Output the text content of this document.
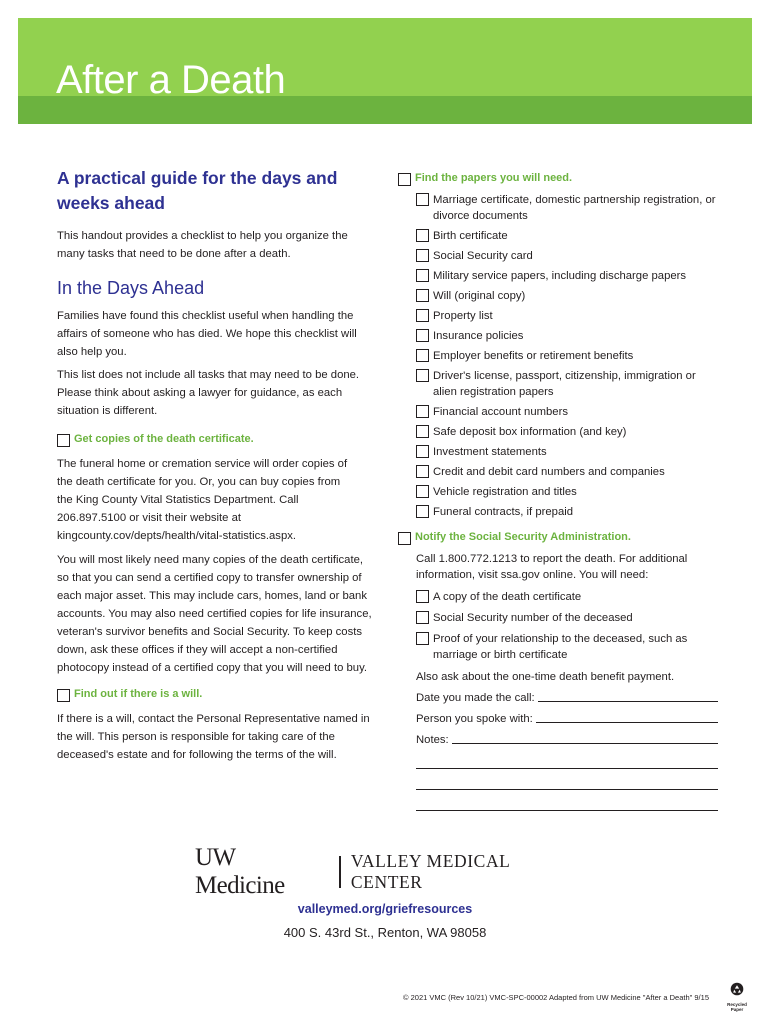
After a Death
A practical guide for the days and weeks ahead
This handout provides a checklist to help you organize the many tasks that need to be done after a death.
In the Days Ahead
Families have found this checklist useful when handling the affairs of someone who has died. We hope this checklist will also help you.
This list does not include all tasks that may need to be done. Please think about asking a lawyer for guidance, as each situation is different.
Get copies of the death certificate.
The funeral home or cremation service will order copies of the death certificate for you. Or, you can buy copies from the King County Vital Statistics Department. Call 206.897.5100 or visit their website at kingcounty.cov/depts/health/vital-statistics.aspx.
You will most likely need many copies of the death certificate, so that you can send a certified copy to transfer ownership of each major asset. This may include cars, homes, land or bank accounts. You may also need certified copies for life insurance, veteran's survivor benefits and Social Security. To keep costs down, ask these offices if they will accept a non-certified photocopy instead of a certified copy that you will need to buy.
Find out if there is a will.
If there is a will, contact the Personal Representative named in the will. This person is responsible for taking care of the deceased's estate and for following the terms of the will.
Find the papers you will need.
Marriage certificate, domestic partnership registration, or divorce documents
Birth certificate
Social Security card
Military service papers, including discharge papers
Will (original copy)
Property list
Insurance policies
Employer benefits or retirement benefits
Driver's license, passport, citizenship, immigration or alien registration papers
Financial account numbers
Safe deposit box information (and key)
Investment statements
Credit and debit card numbers and companies
Vehicle registration and titles
Funeral contracts, if prepaid
Notify the Social Security Administration.
Call 1.800.772.1213 to report the death. For additional information, visit ssa.gov online. You will need:
A copy of the death certificate
Social Security number of the deceased
Proof of your relationship to the deceased, such as marriage or birth certificate
Also ask about the one-time death benefit payment.
Date you made the call:
Person you spoke with:
Notes:
UW Medicine
VALLEY MEDICAL CENTER
valleymed.org/griefresources
400 S. 43rd St., Renton, WA 98058
© 2021 VMC (Rev 10/21) VMC-SPC-00002 Adapted from UW Medicine "After a Death" 9/15
Recycled Paper
